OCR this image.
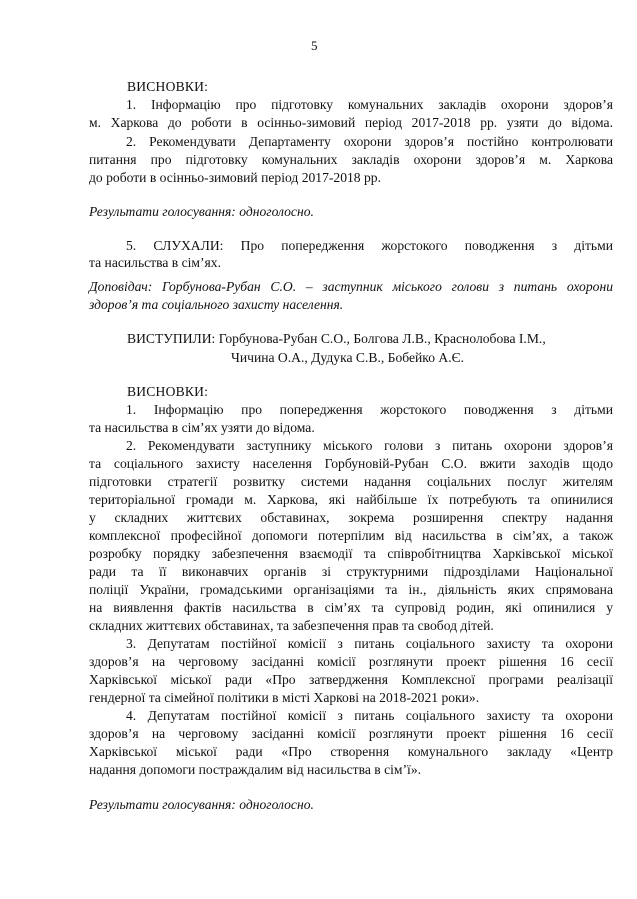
5
ВИСНОВКИ:
1. Інформацію про підготовку комунальних закладів охорони здоров’я
м. Харкова до роботи в осінньо-зимовий період 2017-2018 рр. узяти до відома.
2. Рекомендувати Департаменту охорони здоров’я постійно контролювати
питання про підготовку комунальних закладів охорони здоров’я м. Харкова
до роботи в осінньо-зимовий період 2017-2018 рр.
Результати голосування: одноголосно.
5. СЛУХАЛИ: Про попередження жорстокого поводження з дітьми
та насильства в сім’ях.
Доповідач: Горбунова-Рубан С.О. – заступник міського голови з питань охорони
здоров’я та соціального захисту населення.
ВИСТУПИЛИ: Горбунова-Рубан С.О., Болгова Л.В., Краснолобова І.М.,
Чичина О.А., Дудука С.В., Бобейко А.Є.
ВИСНОВКИ:
1. Інформацію про попередження жорстокого поводження з дітьми
та насильства в сім’ях узяти до відома.
2. Рекомендувати заступнику міського голови з питань охорони здоров’я
та соціального захисту населення Горбуновій-Рубан С.О. вжити заходів щодо
підготовки стратегії розвитку системи надання соціальних послуг жителям
територіальної громади м. Харкова, які найбільше їх потребують та опинилися
у складних життєвих обставинах, зокрема розширення спектру надання
комплексної професійної допомоги потерпілим від насильства в сім’ях, а також
розробку порядку забезпечення взаємодії та співробітництва Харківської міської
ради та її виконавчих органів зі структурними підрозділами Національної
поліції України, громадськими організаціями та ін., діяльність яких спрямована
на виявлення фактів насильства в сім’ях та супровід родин, які опинилися у
складних життєвих обставинах, та забезпечення прав та свобод дітей.
3. Депутатам постійної комісії з питань соціального захисту та охорони
здоров’я на черговому засіданні комісії розглянути проект рішення 16 сесії
Харківської міської ради «Про затвердження Комплексної програми реалізації
гендерної та сімейної політики в місті Харкові на 2018-2021 роки».
4. Депутатам постійної комісії з питань соціального захисту та охорони
здоров’я на черговому засіданні комісії розглянути проект рішення 16 сесії
Харківської міської ради «Про створення комунального закладу «Центр
надання допомоги постраждалим від насильства в сім’ї».
Результати голосування: одноголосно.
